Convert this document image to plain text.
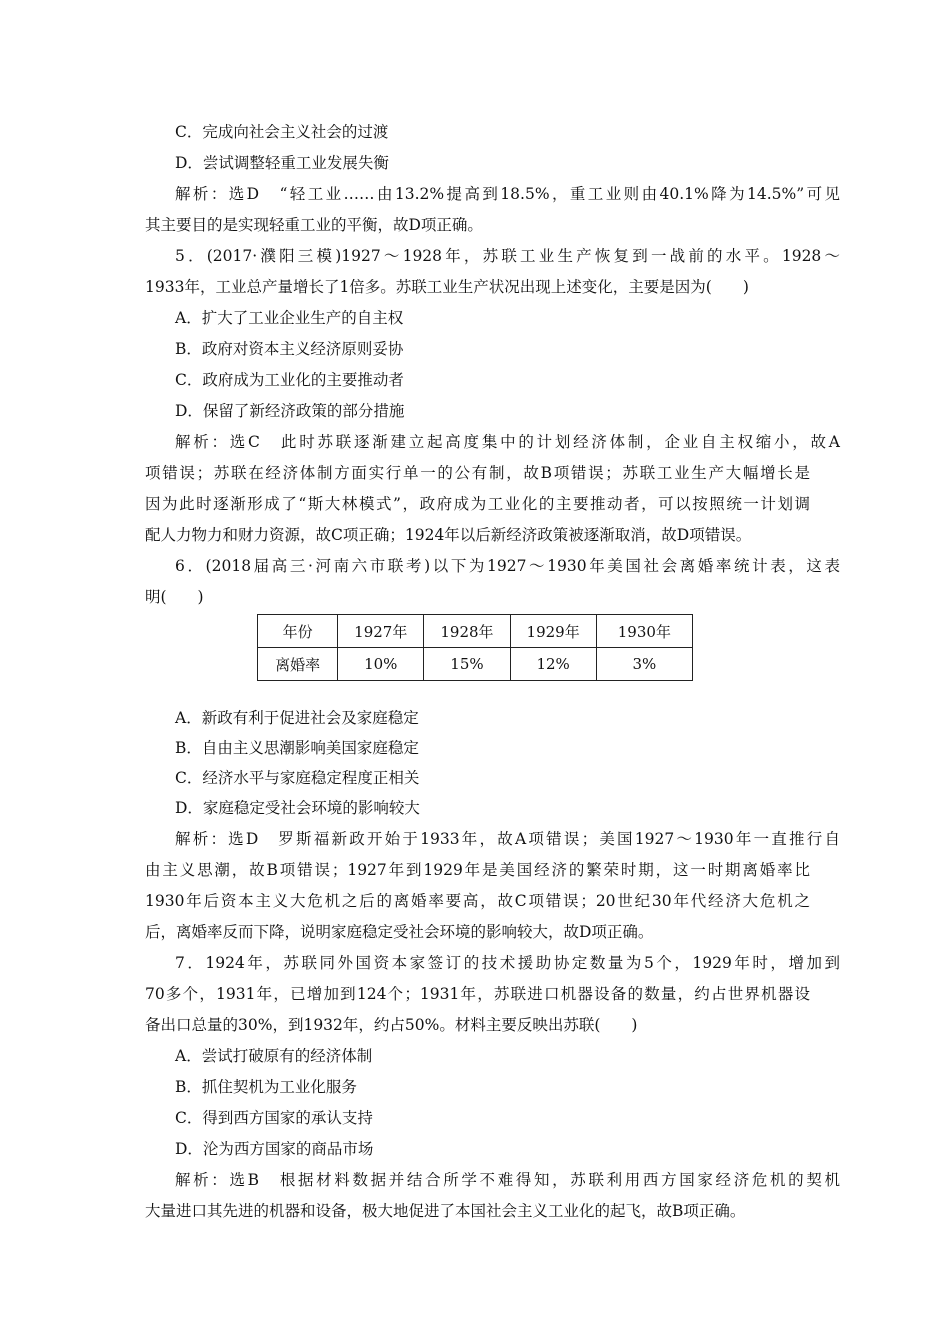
C．完成向社会主义社会的过渡
D．尝试调整轻重工业发展失衡
解析：选D　“轻工业……由13.2%提高到18.5%，重工业则由40.1%降为14.5%”可见
其主要目的是实现轻重工业的平衡，故D项正确。
5．(2017·濮阳三模)1927～1928年，苏联工业生产恢复到一战前的水平。1928～
1933年，工业总产量增长了1倍多。苏联工业生产状况出现上述变化，主要是因为(　　)
A．扩大了工业企业生产的自主权
B．政府对资本主义经济原则妥协
C．政府成为工业化的主要推动者
D．保留了新经济政策的部分措施
解析：选C　此时苏联逐渐建立起高度集中的计划经济体制，企业自主权缩小，故A
项错误；苏联在经济体制方面实行单一的公有制，故B项错误；苏联工业生产大幅增长是
因为此时逐渐形成了“斯大林模式”，政府成为工业化的主要推动者，可以按照统一计划调
配人力物力和财力资源，故C项正确；1924年以后新经济政策被逐渐取消，故D项错误。
6．(2018届高三·河南六市联考)以下为1927～1930年美国社会离婚率统计表，这表
明(　　)
年份	1927年	1928年	1929年	1930年
离婚率	10%	15%	12%	3%
A．新政有利于促进社会及家庭稳定
B．自由主义思潮影响美国家庭稳定
C．经济水平与家庭稳定程度正相关
D．家庭稳定受社会环境的影响较大
解析：选D　罗斯福新政开始于1933年，故A项错误；美国1927～1930年一直推行自
由主义思潮，故B项错误；1927年到1929年是美国经济的繁荣时期，这一时期离婚率比
1930年后资本主义大危机之后的离婚率要高，故C项错误；20世纪30年代经济大危机之
后，离婚率反而下降，说明家庭稳定受社会环境的影响较大，故D项正确。
7．1924年，苏联同外国资本家签订的技术援助协定数量为5个，1929年时，增加到
70多个，1931年，已增加到124个；1931年，苏联进口机器设备的数量，约占世界机器设
备出口总量的30%，到1932年，约占50%。材料主要反映出苏联(　　)
A．尝试打破原有的经济体制
B．抓住契机为工业化服务
C．得到西方国家的承认支持
D．沦为西方国家的商品市场
解析：选B　根据材料数据并结合所学不难得知，苏联利用西方国家经济危机的契机
大量进口其先进的机器和设备，极大地促进了本国社会主义工业化的起飞，故B项正确。
